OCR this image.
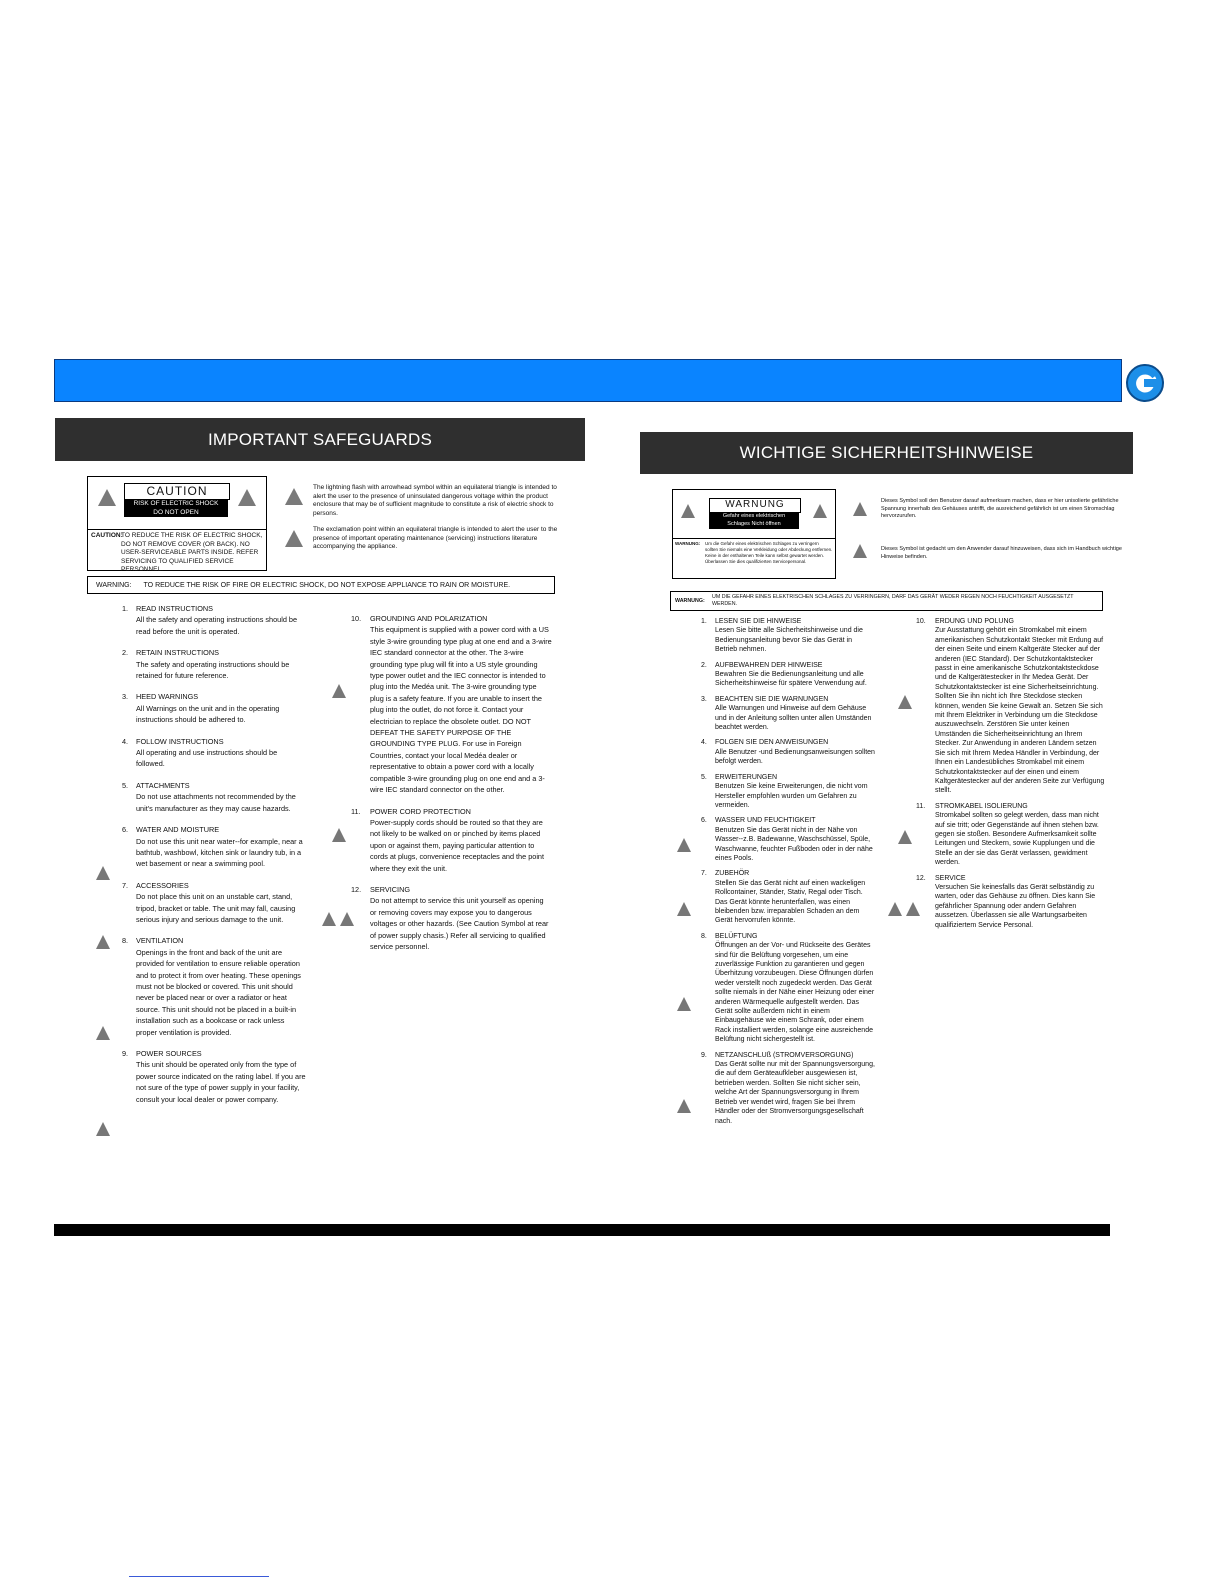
IMPORTANT SAFEGUARDS
CAUTION
RISK OF ELECTRIC SHOCK
DO NOT OPEN
CAUTION:
TO REDUCE THE RISK OF ELECTRIC SHOCK, DO NOT REMOVE COVER (OR BACK). NO USER-SERVICEABLE PARTS INSIDE. REFER SERVICING TO QUALIFIED SERVICE PERSONNEL.
The lightning flash with arrowhead symbol within an equilateral triangle is intended to alert the user to the presence of uninsulated dangerous voltage within the product enclosure that may be of sufficient magnitude to constitute a risk of electric shock to persons.
The exclamation point within an equilateral triangle is intended to alert the user to the presence of important operating maintenance (servicing) instructions literature accompanying the appliance.
WARNING: TO REDUCE THE RISK OF FIRE OR ELECTRIC SHOCK, DO NOT EXPOSE APPLIANCE TO RAIN OR MOISTURE.
1. READ INSTRUCTIONS
All the safety and operating instructions should be read before the unit is operated.
2. RETAIN INSTRUCTIONS
The safety and operating instructions should be retained for future reference.
3. HEED WARNINGS
All Warnings on the unit and in the operating instructions should be adhered to.
4. FOLLOW INSTRUCTIONS
All operating and use instructions should be followed.
5. ATTACHMENTS
Do not use attachments not recommended by the unit's manufacturer as they may cause hazards.
6. WATER AND MOISTURE
Do not use this unit near water--for example, near a bathtub, washbowl, kitchen sink or laundry tub, in a wet basement or near a swimming pool.
7. ACCESSORIES
Do not place this unit on an unstable cart, stand, tripod, bracket or table. The unit may fall, causing serious injury and serious damage to the unit.
8. VENTILATION
Openings in the front and back of the unit are provided for ventilation to ensure reliable operation and to protect it from over heating. These openings must not be blocked or covered. This unit should never be placed near or over a radiator or heat source. This unit should not be placed in a built-in installation such as a bookcase or rack unless proper ventilation is provided.
9. POWER SOURCES
This unit should be operated only from the type of power source indicated on the rating label. If you are not sure of the type of power supply in your facility, consult your local dealer or power company.
10. GROUNDING AND POLARIZATION
This equipment is supplied with a power cord with a US style 3-wire grounding type plug at one end and a 3-wire IEC standard connector at the other. The 3-wire grounding type plug will fit into a US style grounding type power outlet and the IEC connector is intended to plug into the Medéa unit. The 3-wire grounding type plug is a safety feature. If you are unable to insert the plug into the outlet, do not force it. Contact your electrician to replace the obsolete outlet. DO NOT DEFEAT THE SAFETY PURPOSE OF THE GROUNDING TYPE PLUG. For use in Foreign Countries, contact your local Medéa dealer or representative to obtain a power cord with a locally compatible 3-wire grounding plug on one end and a 3-wire IEC standard connector on the other.
11. POWER CORD PROTECTION
Power-supply cords should be routed so that they are not likely to be walked on or pinched by items placed upon or against them, paying particular attention to cords at plugs, convenience receptacles and the point where they exit the unit.
12. SERVICING
Do not attempt to service this unit yourself as opening or removing covers may expose you to dangerous voltages or other hazards. (See Caution Symbol at rear of power supply chasis.) Refer all servicing to qualified service personnel.
WICHTIGE SICHERHEITSHINWEISE
WARNUNG
Gefahr eines elektrischen
Schlages Nicht öffnen
WARNUNG:	Um die Gefahr eines elektrischen Schlages zu verringern sollten Sie niemals eine Verkleidung oder Abdeckung entfernen. Keine in der enthaltenen Teile kann selbst gewartet werden. Überlassen Sie dies qualifizierten Servicepersonal.
Dieses Symbol soll den Benutzer darauf aufmerksam machen, dass er hier unisolierte gefährliche Spannung innerhalb des Gehäuses antrifft, die ausreichend gefährlich ist um einen Stromschlag hervorzurufen.
Dieses Symbol ist gedacht um den Anwender darauf hinzuweisen, dass sich im Handbuch wichtige Hinweise befinden.
WARNUNG:
UM DIE GEFAHR EINES ELEKTRISCHEN SCHLAGES ZU VERRINGERN, DARF DAS GERÄT WEDER REGEN NOCH FEUCHTIGKEIT AUSGESETZT WERDEN.
1. LESEN SIE DIE HINWEISE
Lesen Sie bitte alle Sicherheitshinweise und die Bedienungsanleitung bevor Sie das Gerät in Betrieb nehmen.
2. AUFBEWAHREN DER HINWEISE
Bewahren Sie die Bedienungsanleitung und alle Sicherheitshinweise für spätere Verwendung auf.
3. BEACHTEN SIE DIE WARNUNGEN
Alle Warnungen und Hinweise auf dem Gehäuse und in der Anleitung sollten unter allen Umständen beachtet werden.
4. FOLGEN SIE DEN ANWEISUNGEN
Alle Benutzer -und Bedienungsanweisungen sollten befolgt werden.
5. ERWEITERUNGEN
Benutzen Sie keine Erweiterungen, die nicht vom Hersteller empfohlen wurden um Gefahren zu vermeiden.
6. WASSER UND FEUCHTIGKEIT
Benutzen Sie das Gerät nicht in der Nähe von Wasser--z.B. Badewanne, Waschschüssel, Spüle, Waschwanne, feuchter Fußboden oder in der nähe eines Pools.
7. ZUBEHÖR
Stellen Sie das Gerät nicht auf einen wackeligen Rollcontainer, Ständer, Stativ, Regal oder Tisch. Das Gerät könnte herunterfallen, was einen bleibenden bzw. irreparablen Schaden an dem Gerät hervorrufen könnte.
8. BELÜFTUNG
Öffnungen an der Vor- und Rückseite des Gerätes sind für die Belüftung vorgesehen, um eine zuverlässige Funktion zu garantieren und gegen Überhitzung vorzubeugen. Diese Öffnungen dürfen weder verstellt noch zugedeckt werden. Das Gerät sollte niemals in der Nähe einer Heizung oder einer anderen Wärmequelle aufgestellt werden. Das Gerät sollte außerdem nicht in einem Einbaugehäuse wie einem Schrank, oder einem Rack installiert werden, solange eine ausreichende Belüftung nicht sichergestellt ist.
9. NETZANSCHLUß (STROMVERSORGUNG)
Das Gerät sollte nur mit der Spannungsversorgung, die auf dem Geräteaufkleber ausgewiesen ist, betrieben werden. Sollten Sie nicht sicher sein, welche Art der Spannungsversorgung in Ihrem Betrieb ver wendet wird, fragen Sie bei Ihrem Händler oder der Stromversorgungsgesellschaft nach.
10. ERDUNG UND POLUNG
Zur Ausstattung gehört ein Stromkabel mit einem amerikanischen Schutzkontakt Stecker mit Erdung auf der einen Seite und einem Kaltgeräte Stecker auf der anderen (IEC Standard). Der Schutzkontaktstecker passt in eine amerikanische Schutzkontaktsteckdose und de Kaltgerätestecker in Ihr Medea Gerät. Der Schutzkontaktstecker ist eine Sicherheitseinrichtung. Sollten Sie ihn nicht ich Ihre Steckdose stecken können, wenden Sie keine Gewalt an. Setzen Sie sich mit Ihrem Elektriker in Verbindung um die Steckdose auszuwechseln. Zerstören Sie unter keinen Umständen die Sicherheitseinrichtung an Ihrem Stecker. Zur Anwendung in anderen Ländern setzen Sie sich mit Ihrem Medea Händler in Verbindung, der Ihnen ein Landesübliches Stromkabel mit einem Schutzkontaktstecker auf der einen und einem Kaltgerätestecker auf der anderen Seite zur Verfügung stellt.
11. STROMKABEL ISOLIERUNG
Stromkabel sollten so gelegt werden, dass man nicht auf sie tritt; oder Gegenstände auf ihnen stehen bzw. gegen sie stoßen. Besondere Aufmerksamkeit sollte Leitungen und Steckern, sowie Kupplungen und die Stelle an der sie das Gerät verlassen, gewidment werden.
12. SERVICE
Versuchen Sie keinesfalls das Gerät selbständig zu warten, oder das Gehäuse zu öffnen. Dies kann Sie gefährlicher Spannung oder andern Gefahren aussetzen. Überlassen sie alle Wartungsarbeiten qualifiziertem Service Personal.
